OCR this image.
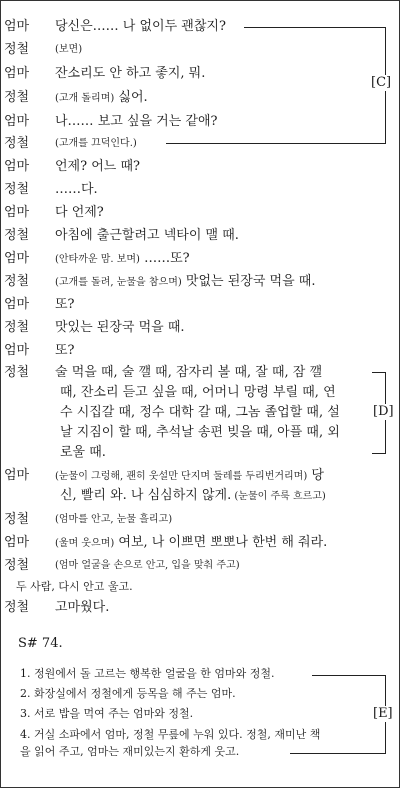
엄마	당신은…… 나 없이두 괜찮지?
정철	(보면)
엄마	잔소리도 안 하고 좋지, 뭐.
정철	(고개 돌리며) 싫어.
엄마	나…… 보고 싶을 거는 같애?
정철	(고개를 끄덕인다.)
엄마	언제? 어느 때?
정철	……다.
엄마	다 언제?
정철	아침에 출근할려고 넥타이 맬 때.
엄마	(안타까운 맘. 보며) ……또?
정철	(고개를 돌려, 눈물을 참으며) 맛없는 된장국 먹을 때.
엄마	또?
정철	맛있는 된장국 먹을 때.
엄마	또?
정철	술 먹을 때, 술 깰 때, 잠자리 볼 때, 잘 때, 잠 깰
때, 잔소리 듣고 싶을 때, 어머니 망령 부릴 때, 연
수 시집갈 때, 정수 대학 갈 때, 그놈 졸업할 때, 설
날 지짐이 할 때, 추석날 송편 빚을 때, 아플 때, 외
로울 때.
엄마	(눈물이 그렁해, 괜히 웃설만 단지며 둘레를 두리번거리며) 당
신, 빨리 와. 나 심심하지 않게. (눈물이 주룩 흐르고)
정철	(엄마를 안고, 눈물 흘리고)
엄마	(울며 웃으며) 여보, 나 이쁘면 뽀뽀나 한번 해 줘라.
정철	(엄마 얼굴을 손으로 안고, 입을 맞춰 주고)
두 사람, 다시 안고 울고.
정철	고마웠다.
S# 74.
1. 정원에서 돌 고르는 행복한 얼굴을 한 엄마와 정철.
2. 화장실에서 정철에게 등목을 해 주는 엄마.
3. 서로 밥을 먹여 주는 엄마와 정철.
4. 거실 소파에서 엄마, 정철 무릎에 누워 있다. 정철, 재미난 책
을 읽어 주고, 엄마는 재미있는지 환하게 웃고.
[C]
[D]
[E]
